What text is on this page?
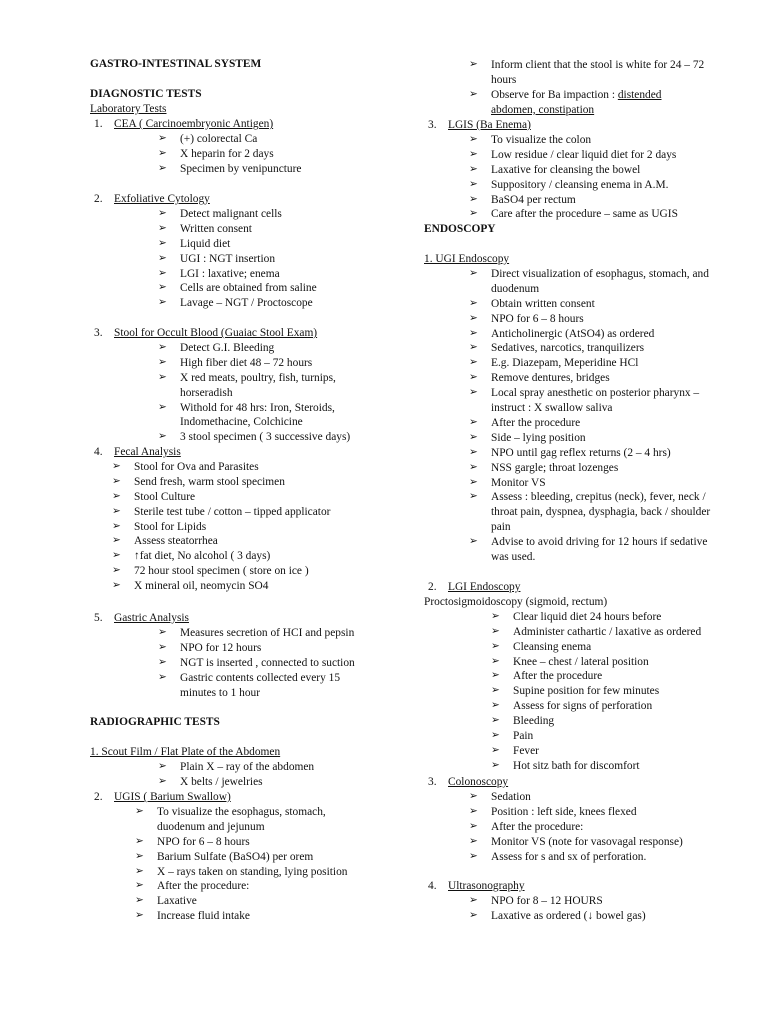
GASTRO-INTESTINAL SYSTEM
DIAGNOSTIC TESTS
Laboratory Tests
1. CEA ( Carcinoembryonic Antigen)
➢ (+) colorectal Ca
➢ X heparin for 2 days
➢ Specimen by venipuncture
2. Exfoliative Cytology
➢ Detect malignant cells
➢ Written consent
➢ Liquid diet
➢ UGI : NGT insertion
➢ LGI : laxative; enema
➢ Cells are obtained from saline
➢ Lavage – NGT / Proctoscope
3. Stool for Occult Blood (Guaiac Stool Exam)
➢ Detect G.I. Bleeding
➢ High fiber diet 48 – 72 hours
➢ X red meats, poultry, fish, turnips, horseradish
➢ Withold for 48 hrs: Iron, Steroids, Indomethacine, Colchicine
➢ 3 stool specimen ( 3 successive days)
4. Fecal Analysis
➢ Stool for Ova and Parasites
➢ Send fresh, warm stool specimen
➢ Stool Culture
➢ Sterile test tube / cotton – tipped applicator
➢ Stool for Lipids
➢ Assess steatorrhea
➢ ↑fat diet, No alcohol ( 3 days)
➢ 72 hour stool specimen ( store on ice )
➢ X mineral oil, neomycin SO4
5. Gastric Analysis
➢ Measures secretion of HCI and pepsin
➢ NPO for 12 hours
➢ NGT is inserted , connected to suction
➢ Gastric contents collected every 15 minutes to 1 hour
RADIOGRAPHIC TESTS
1. Scout Film / Flat Plate of the Abdomen
➢ Plain X – ray of the abdomen
➢ X belts / jewelries
2. UGIS ( Barium Swallow)
➢ To visualize the esophagus, stomach, duodenum and jejunum
➢ NPO for 6 – 8 hours
➢ Barium Sulfate (BaSO4) per orem
➢ X – rays taken on standing, lying position
➢ After the procedure:
➢ Laxative
➢ Increase fluid intake
➢ Inform client that the stool is white for 24 – 72 hours
➢ Observe for Ba impaction : distended abdomen, constipation
3. LGIS (Ba Enema)
➢ To visualize the colon
➢ Low residue / clear liquid diet for 2 days
➢ Laxative for cleansing the bowel
➢ Suppository / cleansing enema in A.M.
➢ BaSO4 per rectum
➢ Care after the procedure – same as UGIS
ENDOSCOPY
1. UGI Endoscopy
➢ Direct visualization of esophagus, stomach, and duodenum
➢ Obtain written consent
➢ NPO for 6 – 8 hours
➢ Anticholinergic (AtSO4) as ordered
➢ Sedatives, narcotics, tranquilizers
➢ E.g. Diazepam, Meperidine HCl
➢ Remove dentures, bridges
➢ Local spray anesthetic on posterior pharynx – instruct : X swallow saliva
➢ After the procedure
➢ Side – lying position
➢ NPO until gag reflex returns (2 – 4 hrs)
➢ NSS gargle; throat lozenges
➢ Monitor VS
➢ Assess : bleeding, crepitus (neck), fever, neck / throat pain, dyspnea, dysphagia, back / shoulder pain
➢ Advise to avoid driving for 12 hours if sedative was used.
2. LGI Endoscopy
Proctosigmoidoscopy (sigmoid, rectum)
➢ Clear liquid diet 24 hours before
➢ Administer cathartic / laxative as ordered
➢ Cleansing enema
➢ Knee – chest / lateral position
➢ After the procedure
➢ Supine position for few minutes
➢ Assess for signs of perforation
➢ Bleeding
➢ Pain
➢ Fever
➢ Hot sitz bath for discomfort
3. Colonoscopy
➢ Sedation
➢ Position : left side, knees flexed
➢ After the procedure:
➢ Monitor VS (note for vasovagal response)
➢ Assess for s and sx of perforation.
4. Ultrasonography
➢ NPO for 8 – 12 HOURS
➢ Laxative as ordered (↓ bowel gas)
